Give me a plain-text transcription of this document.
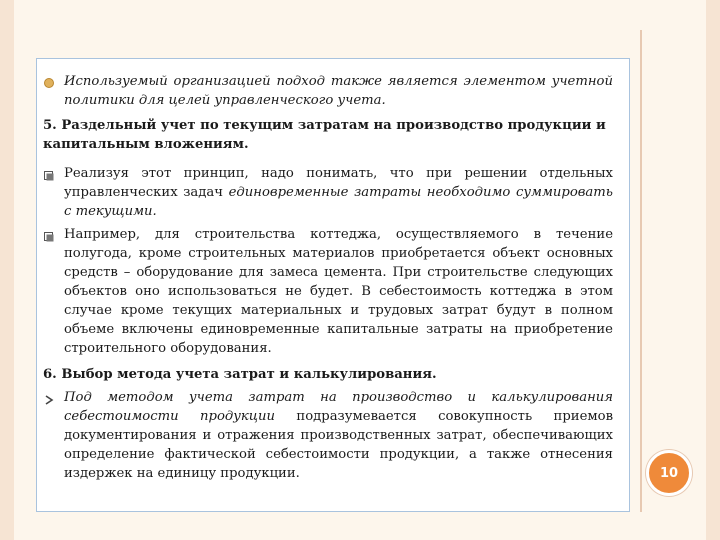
10
Используемый организацией подход также является элементом учетной политики для целей управленческого учета.
5. Раздельный учет по текущим затратам на производство продукции и капитальным вложениям.
Реализуя этот принцип, надо понимать, что при решении отдельных управленческих задач единовременные затраты необходимо суммировать с текущими.
Например, для строительства коттеджа, осуществляемого в течение полугода, кроме строительных материалов приобретается объект основных средств – оборудование для замеса цемента. При строительстве следующих объектов оно использоваться не будет. В себестоимость коттеджа в этом случае кроме текущих материальных и трудовых затрат будут в полном объеме включены единовременные капитальные затраты на приобретение строительного оборудования.
6. Выбор метода учета затрат и калькулирования.
Под методом учета затрат на производство и калькулирования себестоимости продукции подразумевается совокупность приемов документирования и отражения производственных затрат, обеспечивающих определение фактической себестоимости продукции, а также отнесения издержек на единицу продукции.
